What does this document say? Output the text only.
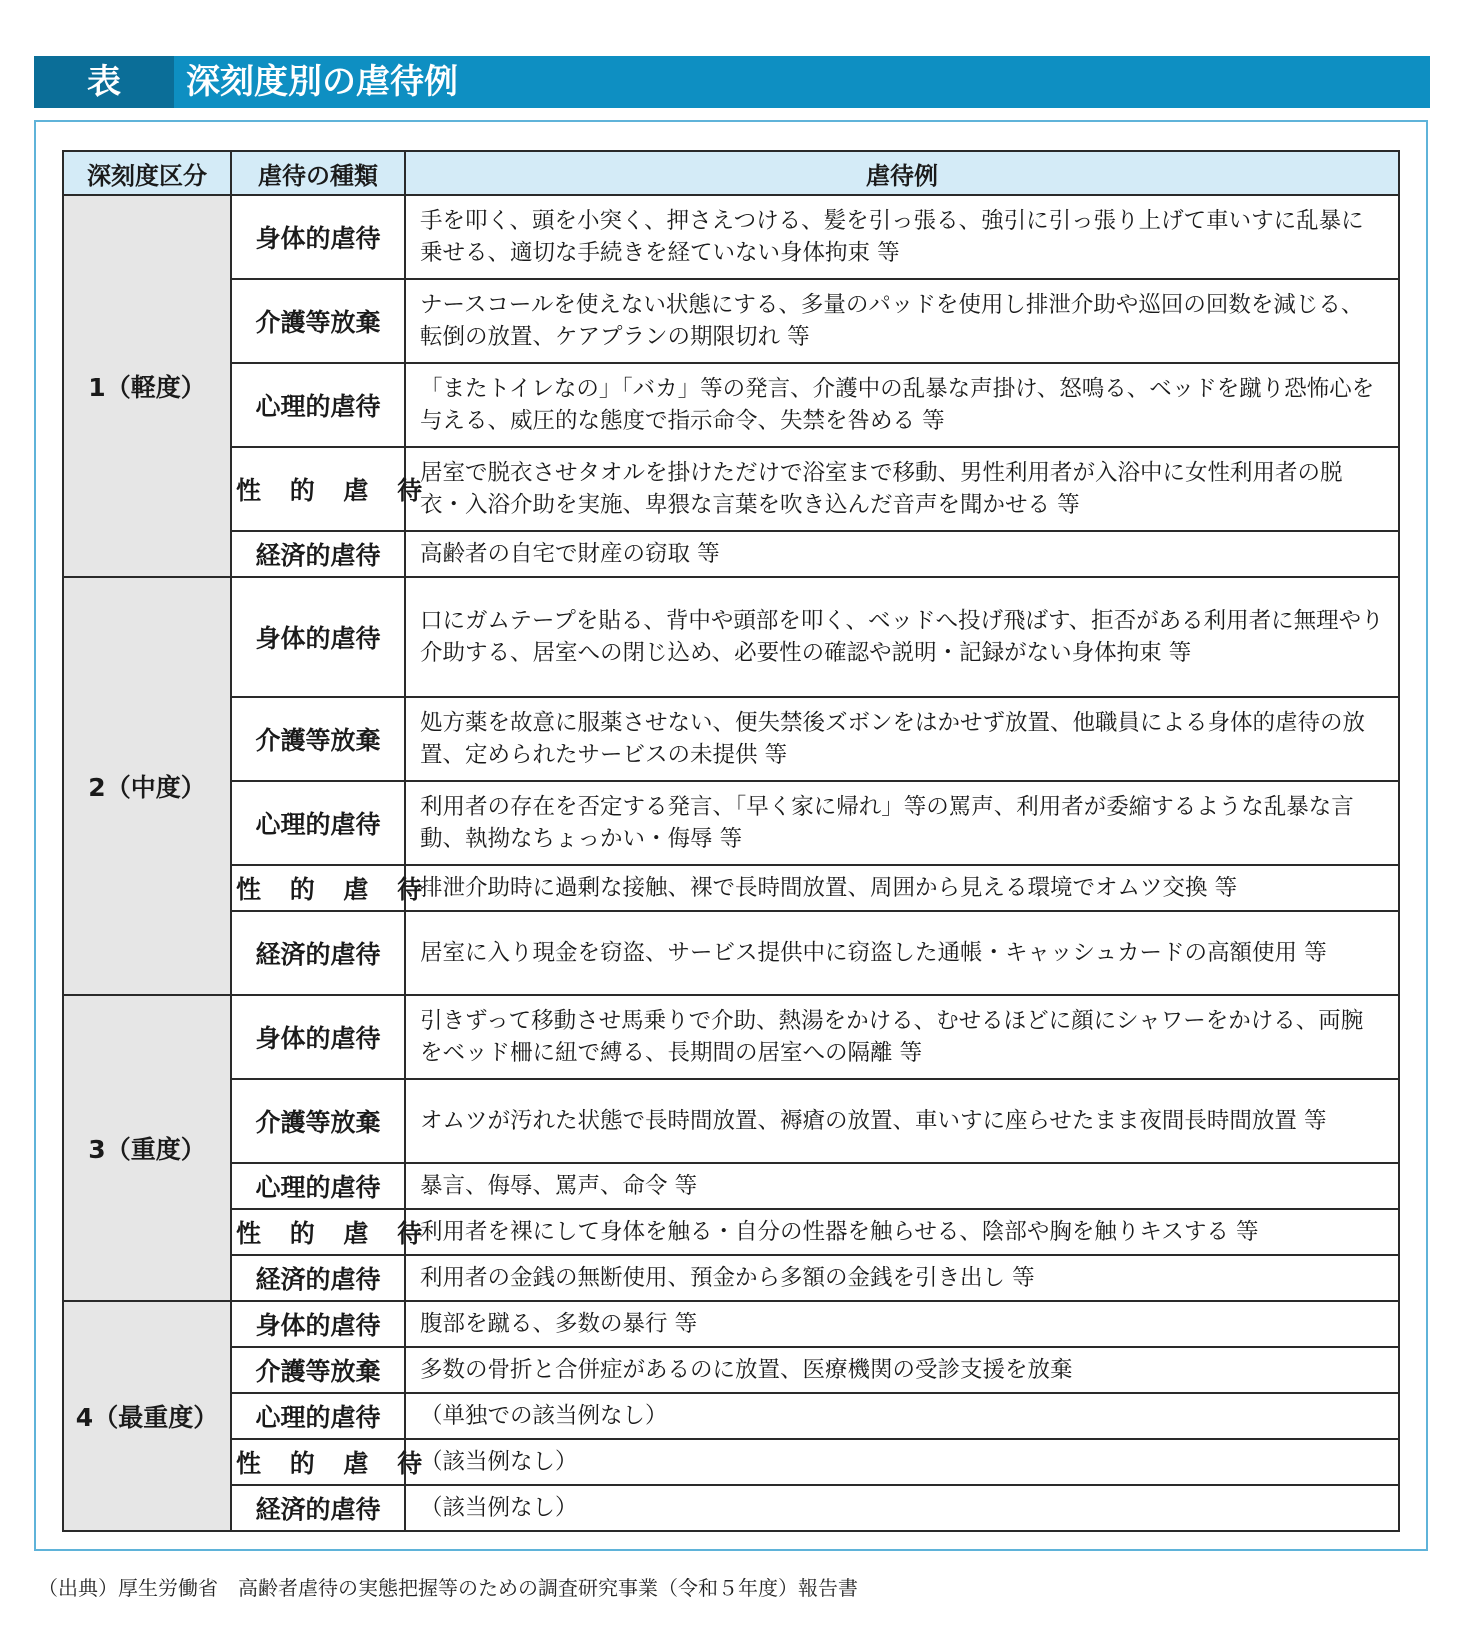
表	深刻度別の虐待例
深刻度区分	虐待の種類	虐待例
1（軽度）	身体的虐待	手を叩く、頭を小突く、押さえつける、髪を引っ張る、強引に引っ張り上げて車いすに乱暴に乗せる、適切な手続きを経ていない身体拘束 等
	介護等放棄	ナースコールを使えない状態にする、多量のパッドを使用し排泄介助や巡回の回数を減じる、転倒の放置、ケアプランの期限切れ 等
	心理的虐待	「またトイレなの」「バカ」等の発言、介護中の乱暴な声掛け、怒鳴る、ベッドを蹴り恐怖心を与える、威圧的な態度で指示命令、失禁を咎める 等
	性 的 虐 待	居室で脱衣させタオルを掛けただけで浴室まで移動、男性利用者が入浴中に女性利用者の脱衣・入浴介助を実施、卑猥な言葉を吹き込んだ音声を聞かせる 等
	経済的虐待	高齢者の自宅で財産の窃取 等
2（中度）	身体的虐待	口にガムテープを貼る、背中や頭部を叩く、ベッドへ投げ飛ばす、拒否がある利用者に無理やり介助する、居室への閉じ込め、必要性の確認や説明・記録がない身体拘束 等
	介護等放棄	処方薬を故意に服薬させない、便失禁後ズボンをはかせず放置、他職員による身体的虐待の放置、定められたサービスの未提供 等
	心理的虐待	利用者の存在を否定する発言、「早く家に帰れ」等の罵声、利用者が委縮するような乱暴な言動、執拗なちょっかい・侮辱 等
	性 的 虐 待	排泄介助時に過剰な接触、裸で長時間放置、周囲から見える環境でオムツ交換 等
	経済的虐待	居室に入り現金を窃盗、サービス提供中に窃盗した通帳・キャッシュカードの高額使用 等
3（重度）	身体的虐待	引きずって移動させ馬乗りで介助、熱湯をかける、むせるほどに顔にシャワーをかける、両腕をベッド柵に紐で縛る、長期間の居室への隔離 等
	介護等放棄	オムツが汚れた状態で長時間放置、褥瘡の放置、車いすに座らせたまま夜間長時間放置 等
	心理的虐待	暴言、侮辱、罵声、命令 等
	性 的 虐 待	利用者を裸にして身体を触る・自分の性器を触らせる、陰部や胸を触りキスする 等
	経済的虐待	利用者の金銭の無断使用、預金から多額の金銭を引き出し 等
4（最重度）	身体的虐待	腹部を蹴る、多数の暴行 等
	介護等放棄	多数の骨折と合併症があるのに放置、医療機関の受診支援を放棄
	心理的虐待	（単独での該当例なし）
	性 的 虐 待	（該当例なし）
	経済的虐待	（該当例なし）
（出典）厚生労働省　高齢者虐待の実態把握等のための調査研究事業（令和５年度）報告書
